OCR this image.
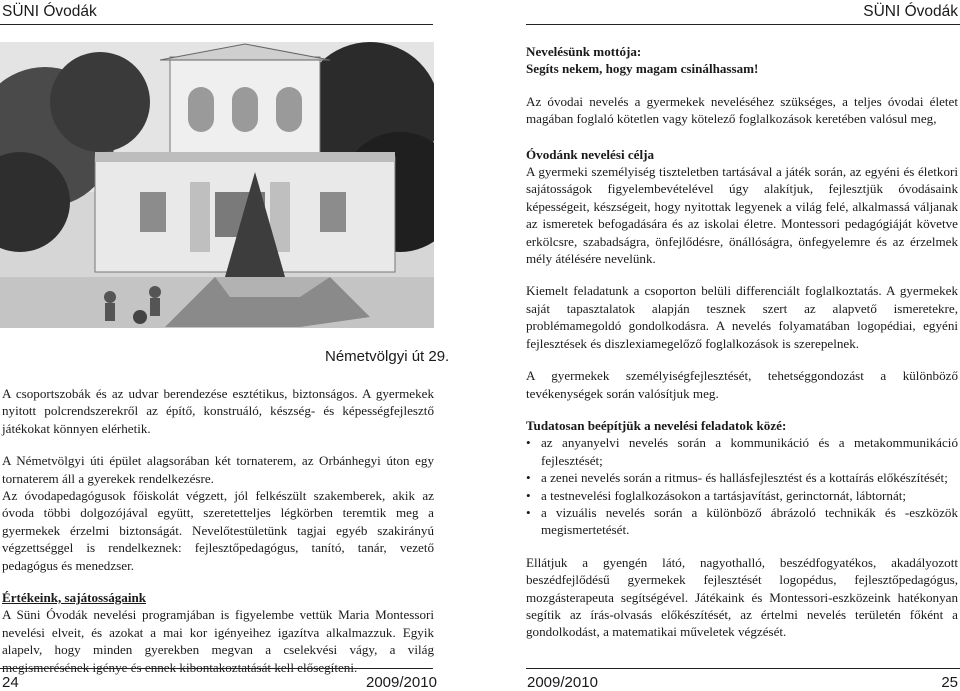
SÜNI Óvodák	SÜNI Óvodák
Németvölgyi út 29.

A csoportszobák és az udvar berendezése esztétikus, biztonságos. A gyermekek nyitott polcrendszerekről az építő, konstruáló, készség- és képességfejlesztő játékokat könnyen elérhetik.

A Németvölgyi úti épület alagsorában két tornaterem, az Orbánhegyi úton egy tornaterem áll a gyerekek rendelkezésre.

Az óvodapedagógusok főiskolát végzett, jól felkészült szakemberek, akik az óvoda többi dolgozójával együtt, szeretetteljes légkörben teremtik meg a gyermekek érzelmi biztonságát. Nevelőtestületünk tagjai egyéb szakirányú végzettséggel is rendelkeznek: fejlesztőpedagógus, tanító, tanár, vezető pedagógus és menedzser.

Értékeink, sajátosságaink

A Süni Óvodák nevelési programjában is figyelembe vettük Maria Montessori nevelési elveit, és azokat a mai kor igényeihez igazítva alkalmazzuk. Egyik alapelv, hogy minden gyerekben megvan a cselekvési vágy, a világ megismerésének igénye és ennek kibontakoztatását kell elősegíteni.

Nevelésünk mottója:

Segíts nekem, hogy magam csinálhassam!

Az óvodai nevelés a gyermekek neveléséhez szükséges, a teljes óvodai életet magában foglaló kötetlen vagy kötelező foglalkozások keretében valósul meg,

Óvodánk nevelési célja

A gyermeki személyiség tiszteletben tartásával a játék során, az egyéni és életkori sajátosságok figyelembevételével úgy alakítjuk, fejlesztjük óvodásaink képességeit, készségeit, hogy nyitottak legyenek a világ felé, alkalmassá váljanak az ismeretek befogadására és az iskolai életre. Montessori pedagógiáját követve erkölcsre, szabadságra, önfejlődésre, önállóságra, önfegyelemre és az érzelmek mély átélésére nevelünk.

Kiemelt feladatunk a csoporton belüli differenciált foglalkoztatás. A gyermekek saját tapasztalatok alapján tesznek szert az alapvető ismeretekre, problémamegoldó gondolkodásra. A nevelés folyamatában logopédiai, egyéni fejlesztések és diszlexiamegelőző foglalkozások is szerepelnek.

A gyermekek személyiségfejlesztését, tehetséggondozást a különböző tevékenységek során valósítjuk meg.

Tudatosan beépítjük a nevelési feladatok közé:

• az anyanyelvi nevelés során a kommunikáció és a metakommunikáció fejlesztését;
• a zenei nevelés során a ritmus- és hallásfejlesztést és a kottaírás előkészítését;
• a testnevelési foglalkozásokon a tartásjavítást, gerinctornát, lábtornát;
• a vizuális nevelés során a különböző ábrázoló technikák és -eszközök megismertetését.

Ellátjuk a gyengén látó, nagyothalló, beszédfogyatékos, akadályozott beszédfejlődésű gyermekek fejlesztését logopédus, fejlesztőpedagógus, mozgásterapeuta segítségével. Játékaink és Montessori-eszközeink hatékonyan segítik az írás-olvasás előkészítését, az értelmi nevelés területén főként a gondolkodást, a matematikai műveletek végzését.

24	2009/2010	2009/2010	25
